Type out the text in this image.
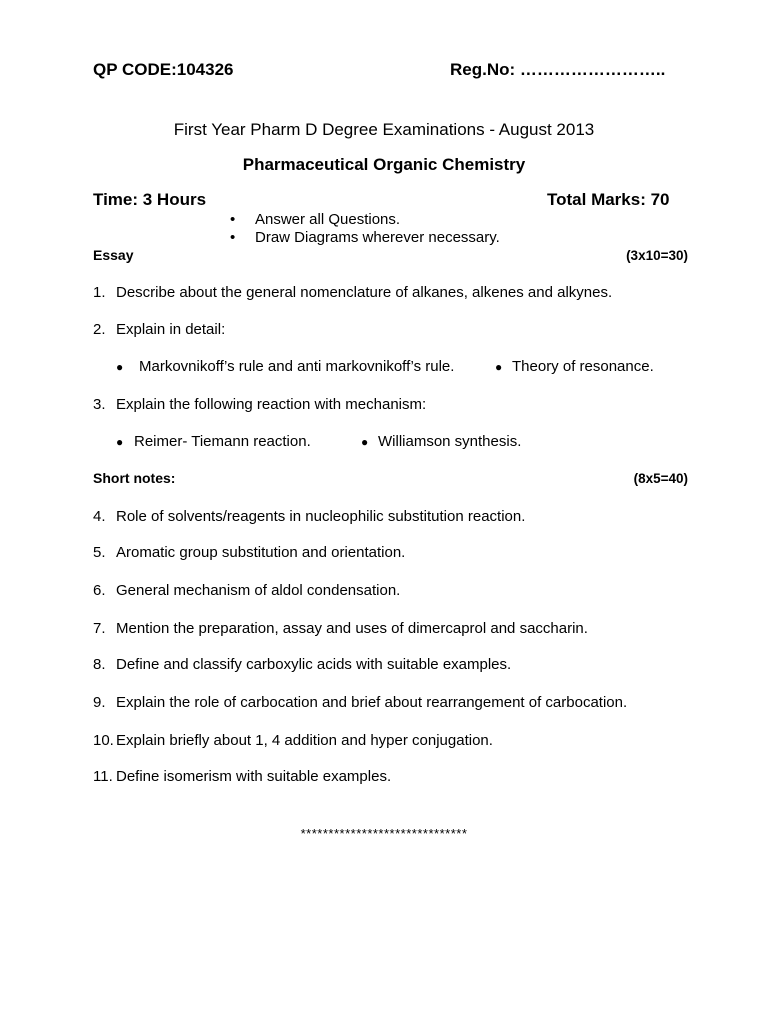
QP CODE:104326	Reg.No: ……………………..
First Year Pharm D Degree Examinations - August 2013
Pharmaceutical Organic Chemistry
Time: 3 Hours	Total Marks: 70
• Answer all Questions.
• Draw Diagrams wherever necessary.
Essay	(3x10=30)
1. Describe about the general nomenclature of alkanes, alkenes and alkynes.
2. Explain in detail:
● Markovnikoff’s rule and anti markovnikoff’s rule.	● Theory of resonance.
3. Explain the following reaction with mechanism:
● Reimer- Tiemann reaction.	● Williamson synthesis.
Short notes:	(8x5=40)
4. Role of solvents/reagents in nucleophilic substitution reaction.
5. Aromatic group substitution and orientation.
6. General mechanism of aldol condensation.
7. Mention the preparation, assay and uses of dimercaprol and saccharin.
8. Define and classify carboxylic acids with suitable examples.
9. Explain the role of carbocation and brief about rearrangement of carbocation.
10. Explain briefly about 1, 4 addition and hyper conjugation.
11. Define isomerism with suitable examples.
******************************
